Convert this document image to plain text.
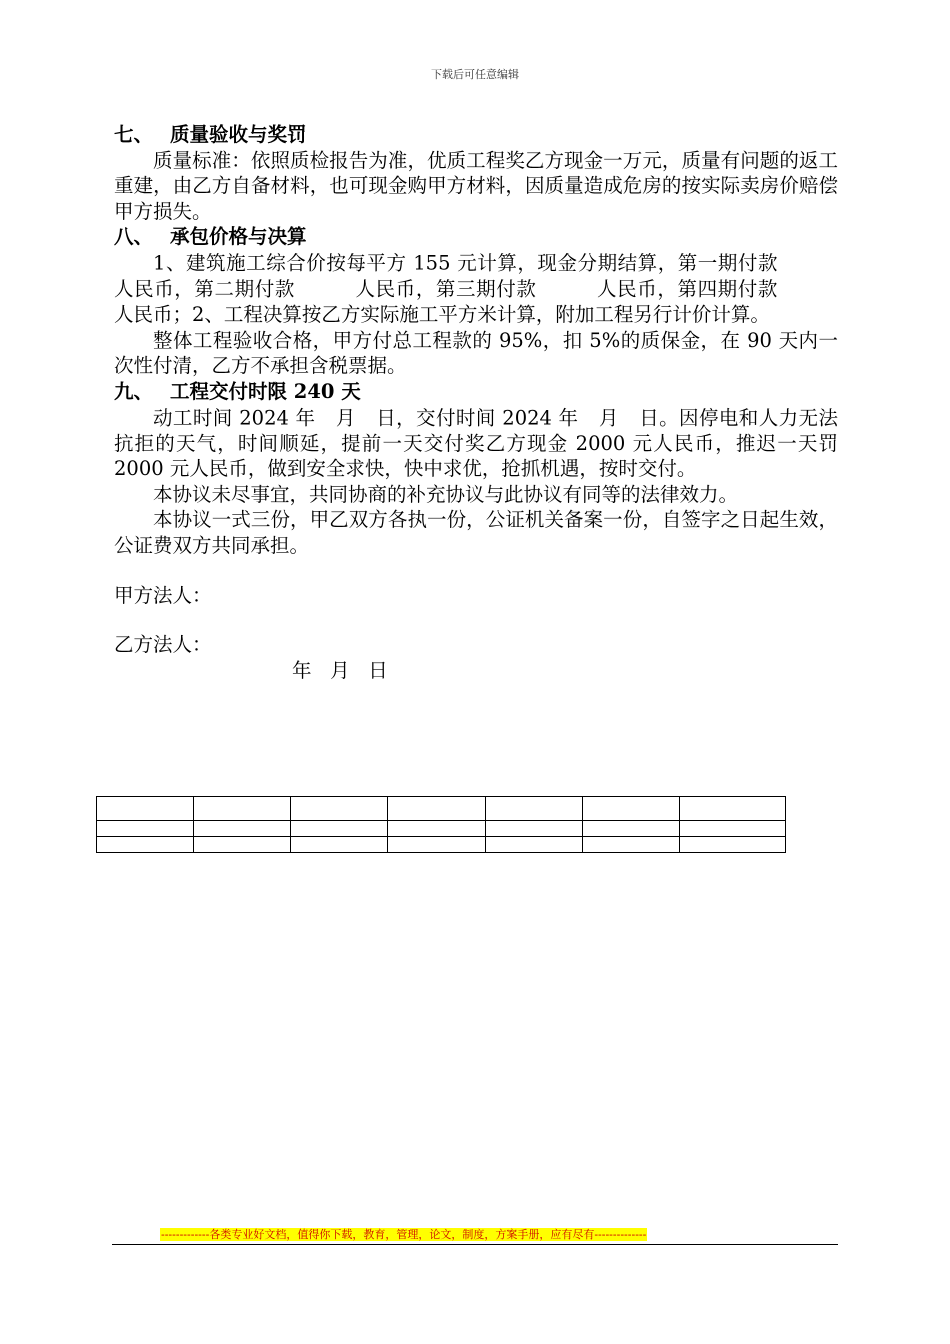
下载后可任意编辑

七、 质量验收与奖罚

质量标准：依照质检报告为准，优质工程奖乙方现金一万元，质量有问题的返工重建，由乙方自备材料，也可现金购甲方材料，因质量造成危房的按实际卖房价赔偿甲方损失。

八、 承包价格与决算

1、建筑施工综合价按每平方 155 元计算，现金分期结算，第一期付款人民币，第二期付款	人民币，第三期付款	人民币，第四期付款人民币；2、工程决算按乙方实际施工平方米计算，附加工程另行计价计算。

整体工程验收合格，甲方付总工程款的 95%，扣 5%的质保金，在 90 天内一次性付清，乙方不承担含税票据。

九、 工程交付时限 240 天

动工时间 2024 年 月 日，交付时间 2024 年 月 日。因停电和人力无法抗拒的天气，时间顺延，提前一天交付奖乙方现金 2000 元人民币，推迟一天罚 2000 元人民币，做到安全求快，快中求优，抢抓机遇，按时交付。

本协议未尽事宜，共同协商的补充协议与此协议有同等的法律效力。

本协议一式三份，甲乙双方各执一份，公证机关备案一份，自签字之日起生效，公证费双方共同承担。

甲方法人：

乙方法人：

年   月   日

-------------各类专业好文档，值得你下载，教育，管理，论文，制度，方案手册，应有尽有--------------
